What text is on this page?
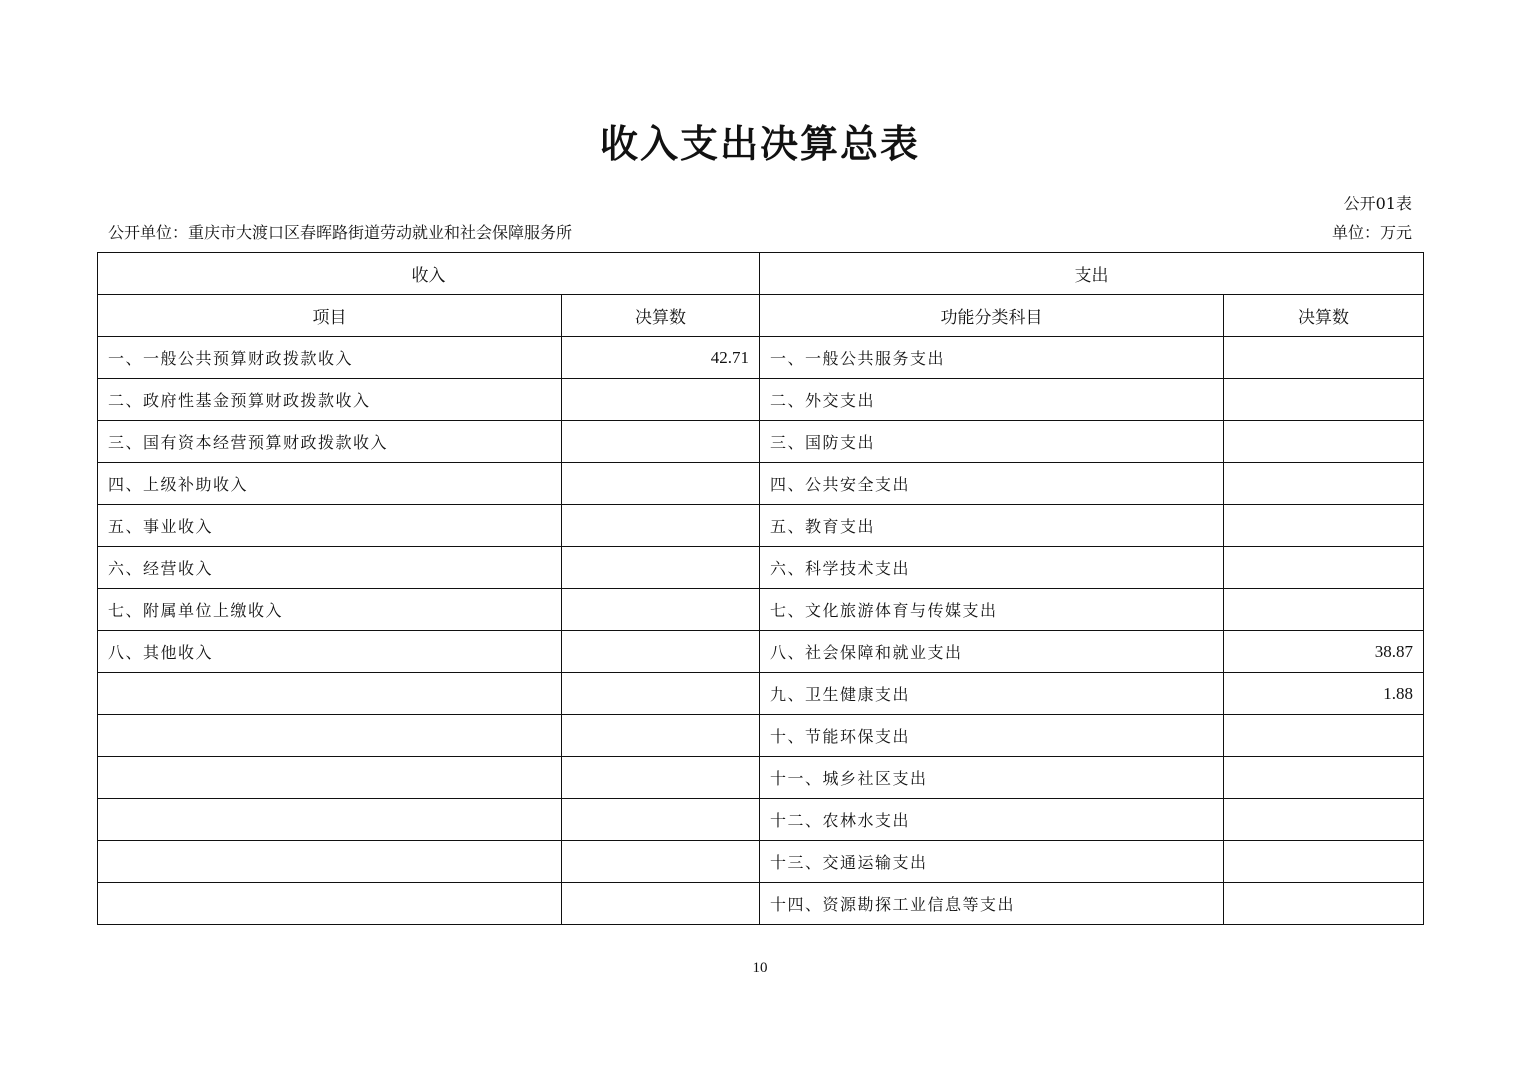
收入支出决算总表
公开01表
公开单位：重庆市大渡口区春晖路街道劳动就业和社会保障服务所	单位：万元
收入		支出	
项目	决算数	功能分类科目	决算数
一、一般公共预算财政拨款收入	42.71	一、一般公共服务支出	
二、政府性基金预算财政拨款收入		二、外交支出	
三、国有资本经营预算财政拨款收入		三、国防支出	
四、上级补助收入		四、公共安全支出	
五、事业收入		五、教育支出	
六、经营收入		六、科学技术支出	
七、附属单位上缴收入		七、文化旅游体育与传媒支出	
八、其他收入		八、社会保障和就业支出	38.87
		九、卫生健康支出	1.88
		十、节能环保支出	
		十一、城乡社区支出	
		十二、农林水支出	
		十三、交通运输支出	
		十四、资源勘探工业信息等支出	
10
